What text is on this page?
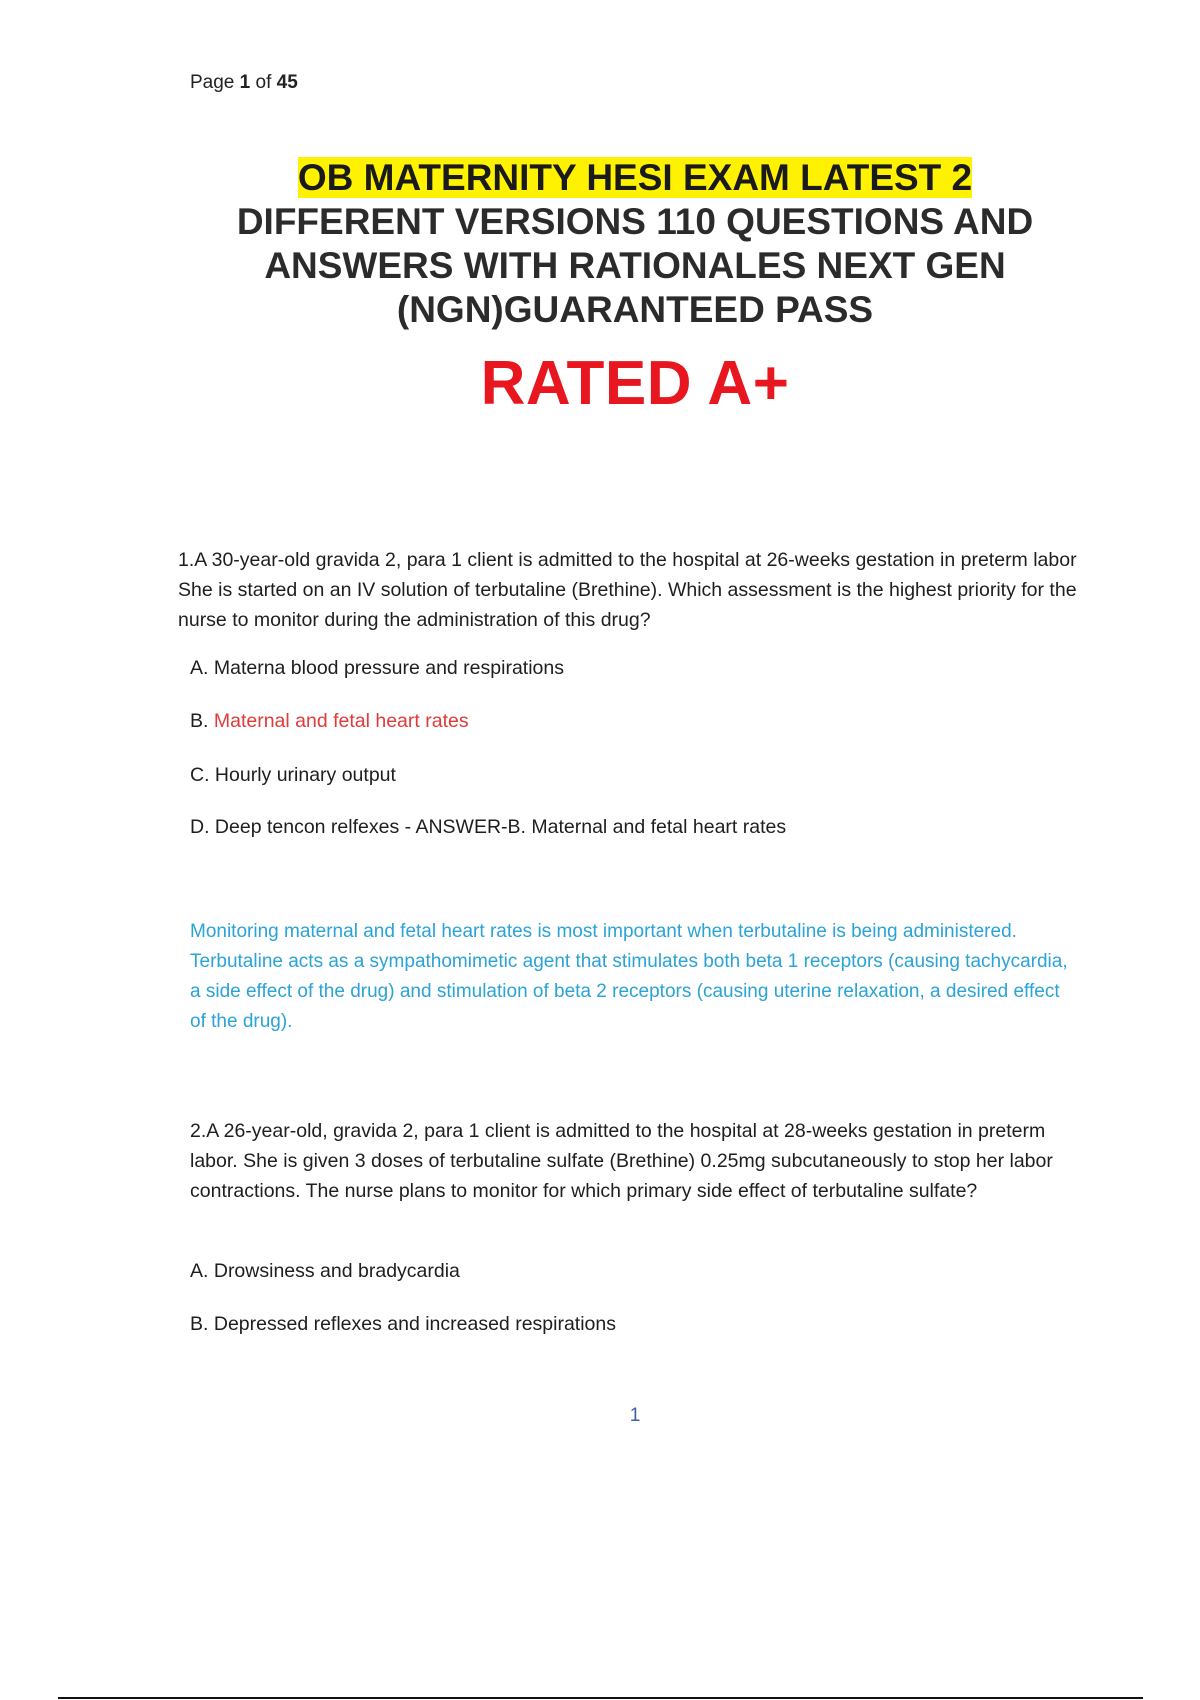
Page 1 of 45
OB MATERNITY HESI EXAM LATEST 2
DIFFERENT VERSIONS 110 QUESTIONS AND ANSWERS WITH RATIONALES NEXT GEN (NGN)GUARANTEED PASS
RATED A+
1.A 30-year-old gravida 2, para 1 client is admitted to the hospital at 26-weeks gestation in preterm labor She is started on an IV solution of terbutaline (Brethine). Which assessment is the highest priority for the nurse to monitor during the administration of this drug?
A. Materna blood pressure and respirations
B. Maternal and fetal heart rates
C. Hourly urinary output
D. Deep tencon relfexes - ANSWER-B. Maternal and fetal heart rates
Monitoring maternal and fetal heart rates is most important when terbutaline is being administered. Terbutaline acts as a sympathomimetic agent that stimulates both beta 1 receptors (causing tachycardia, a side effect of the drug) and stimulation of beta 2 receptors (causing uterine relaxation, a desired effect of the drug).
2.A 26-year-old, gravida 2, para 1 client is admitted to the hospital at 28-weeks gestation in preterm labor. She is given 3 doses of terbutaline sulfate (Brethine) 0.25mg subcutaneously to stop her labor contractions. The nurse plans to monitor for which primary side effect of terbutaline sulfate?
A. Drowsiness and bradycardia
B. Depressed reflexes and increased respirations
1
